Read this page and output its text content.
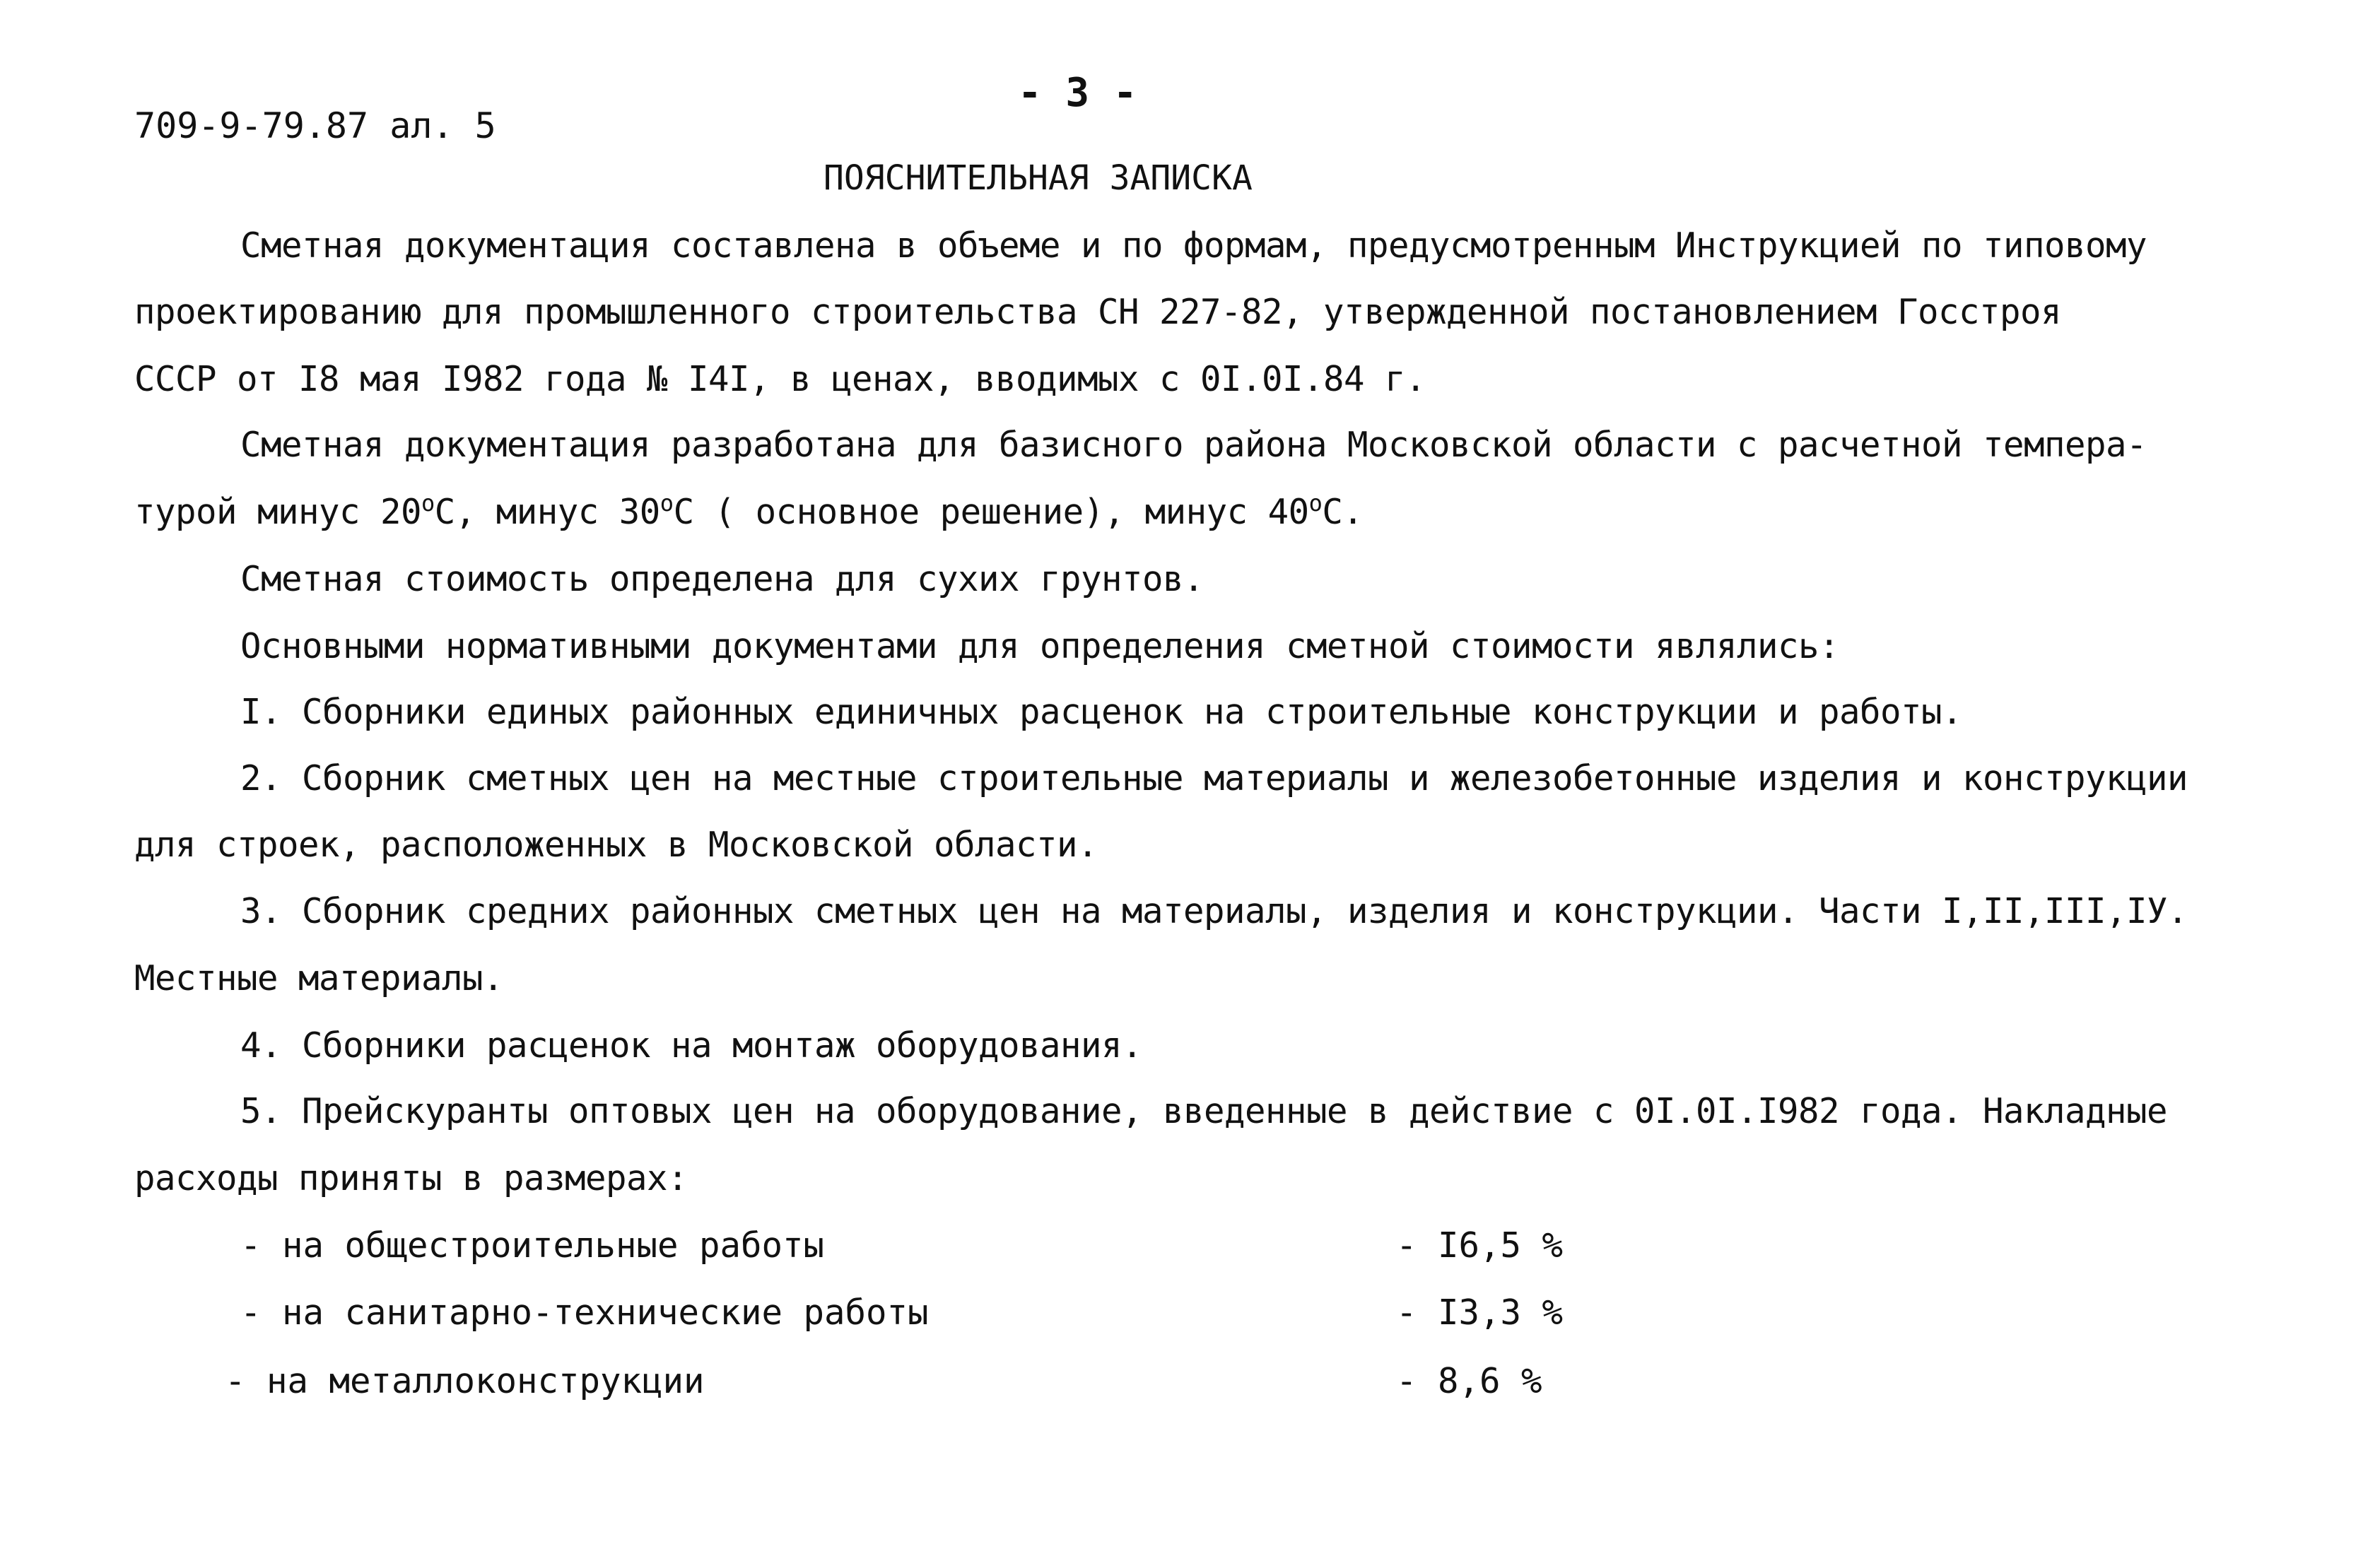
709-9-79.87 ал. 5
- 3 -
ПОЯСНИТЕЛЬНАЯ ЗАПИСКА
Сметная документация составлена в объеме и по формам, предусмотренным Инструкцией по типовому
проектированию для промышленного строительства СН 227-82, утвержденной постановлением Госстроя
СССР от I8 мая I982 года № I4I, в ценах, вводимых с 0I.0I.84 г.
Сметная документация разработана для базисного района Московской области с расчетной темпера-
турой минус $20^оС$, минус $30^оС$ ( основное решение), минус $40^оС$.
Сметная стоимость определена для сухих грунтов.
Основными нормативными документами для определения сметной стоимости являлись:
I. Сборники единых районных единичных расценок на строительные конструкции и работы.
2. Сборник сметных цен на местные строительные материалы и железобетонные изделия и конструкции
для строек, расположенных в Московской области.
3. Сборник средних районных сметных цен на материалы, изделия и конструкции. Части I,II,III,IУ.
Местные материалы.
4. Сборники расценок на монтаж оборудования.
5. Прейскуранты оптовых цен на оборудование, введенные в действие с 0I.0I.I982 года. Накладные
расходы приняты в размерах:
- на общестроительные работы	- I6,5 %
- на санитарно-технические работы	- I3,3 %
- на металлоконструкции	- 8,6 %
